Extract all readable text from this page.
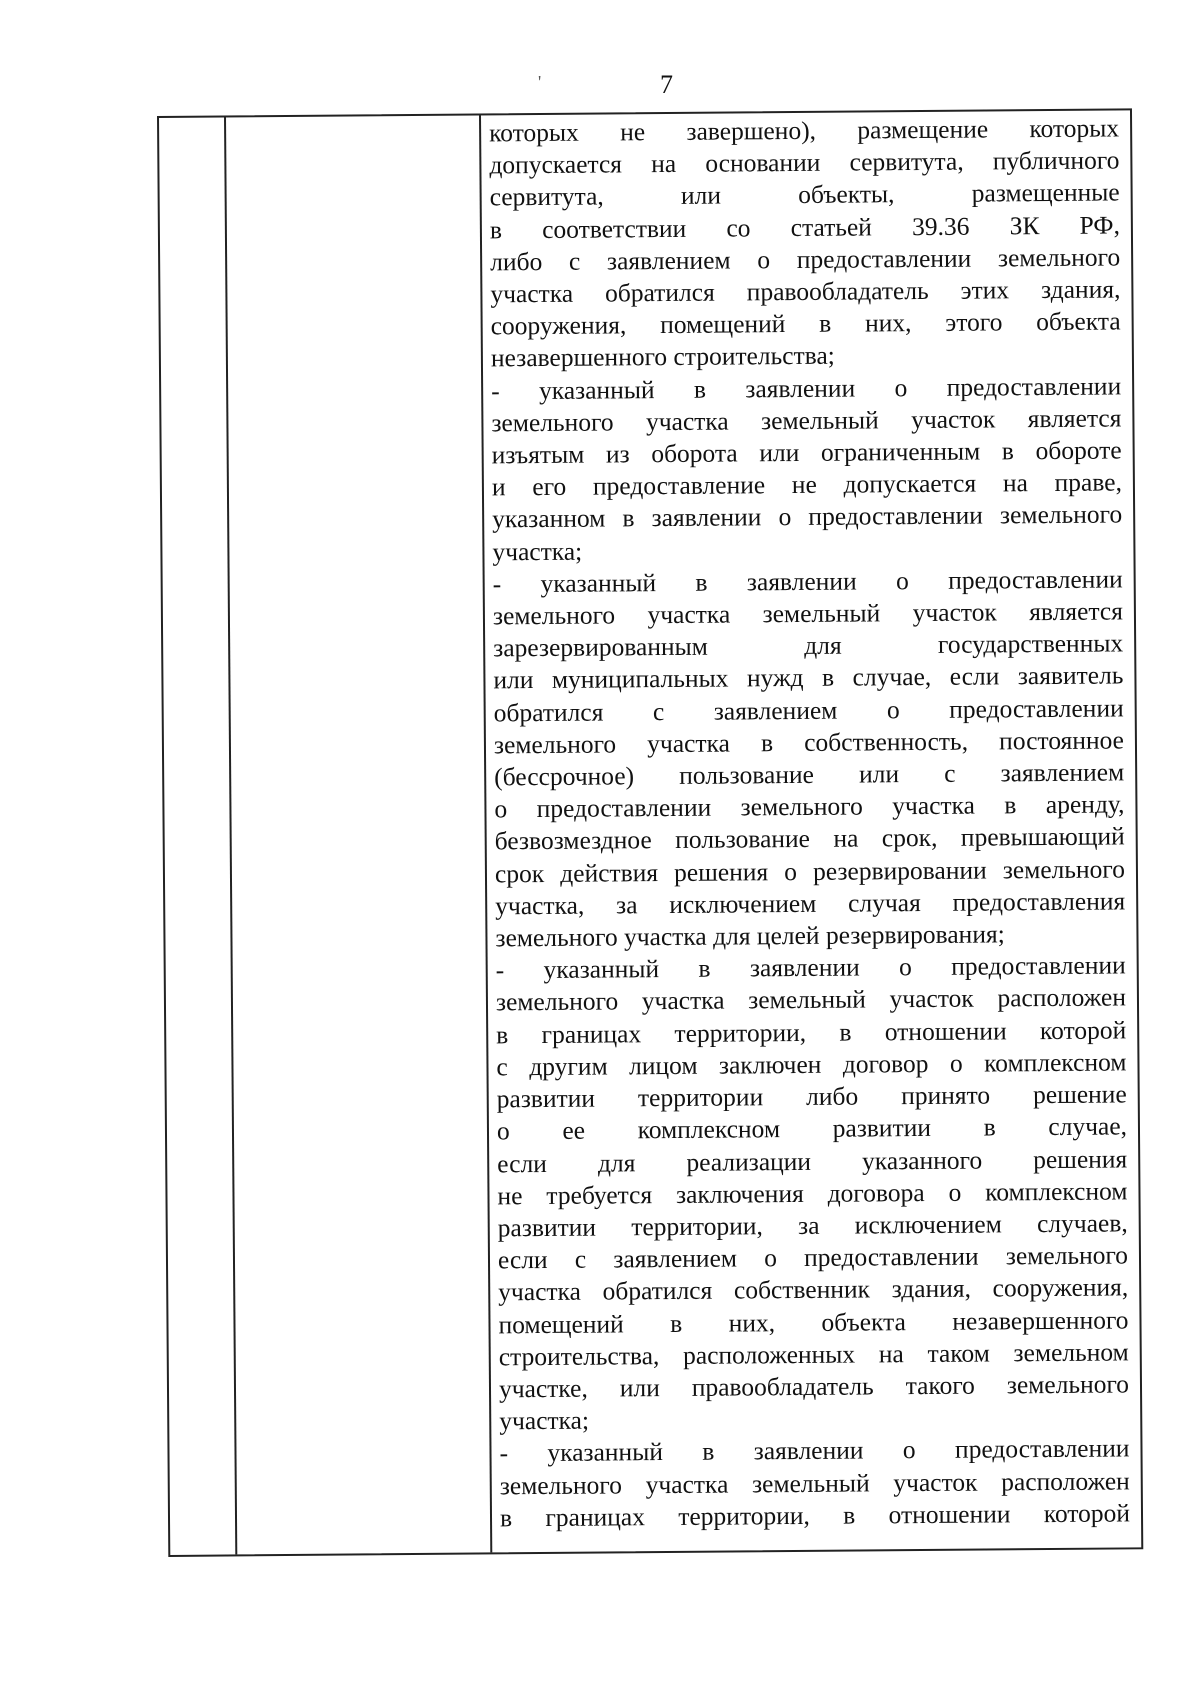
'	7
которых не завершено), размещение которых
допускается на основании сервитута, публичного
сервитута, или объекты, размещенные
в соответствии со статьей 39.36 ЗК РФ,
либо с заявлением о предоставлении земельного
участка обратился правообладатель этих здания,
сооружения, помещений в них, этого объекта
незавершенного строительства;
- указанный в заявлении о предоставлении
земельного участка земельный участок является
изъятым из оборота или ограниченным в обороте
и его предоставление не допускается на праве,
указанном в заявлении о предоставлении земельного
участка;
- указанный в заявлении о предоставлении
земельного участка земельный участок является
зарезервированным для государственных
или муниципальных нужд в случае, если заявитель
обратился с заявлением о предоставлении
земельного участка в собственность, постоянное
(бессрочное) пользование или с заявлением
о предоставлении земельного участка в аренду,
безвозмездное пользование на срок, превышающий
срок действия решения о резервировании земельного
участка, за исключением случая предоставления
земельного участка для целей резервирования;
- указанный в заявлении о предоставлении
земельного участка земельный участок расположен
в границах территории, в отношении которой
с другим лицом заключен договор о комплексном
развитии территории либо принято решение
о ее комплексном развитии в случае,
если для реализации указанного решения
не требуется заключения договора о комплексном
развитии территории, за исключением случаев,
если с заявлением о предоставлении земельного
участка обратился собственник здания, сооружения,
помещений в них, объекта незавершенного
строительства, расположенных на таком земельном
участке, или правообладатель такого земельного
участка;
- указанный в заявлении о предоставлении
земельного участка земельный участок расположен
в границах территории, в отношении которой
